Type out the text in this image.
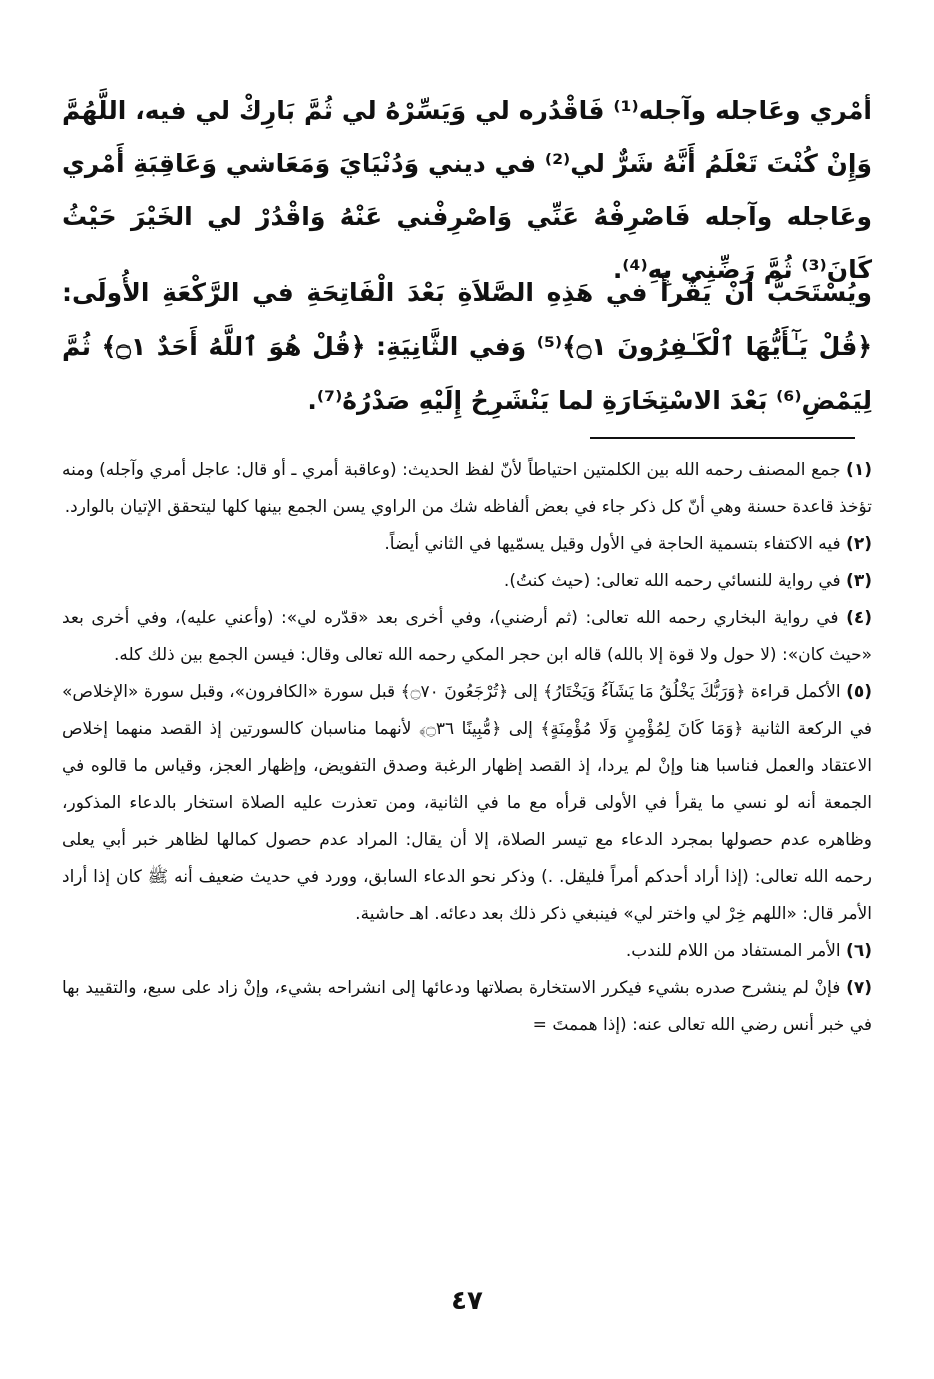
أمْري وعَاجله وآجله⁽¹⁾ فَاقْدُره لي وَيَسِّرْهُ لي ثُمَّ بَارِكْ لي فيه، اللَّهُمَّ وَإِنْ كُنْتَ تَعْلَمُ أَنَّهُ شَرٌّ لي⁽²⁾ في ديني وَدُنْيَايَ وَمَعَاشي وَعَاقِبَةِ أَمْري وعَاجله وآجله فَاصْرِفْهُ عَنِّي وَاصْرِفْني عَنْهُ وَاقْدُرْ لي الخَيْرَ حَيْثُ كَانَ⁽³⁾ ثُمَّ رَضِّنِي بِهِ⁽⁴⁾.

ويُسْتَحَبُّ أَنْ يَقْرأَ في هَذِهِ الصَّلاَةِ بَعْدَ الْفَاتِحَةِ في الرَّكْعَةِ الأُولَى: ﴿قُلْ يَـٰٓأَيُّهَا ٱلْكَـٰفِرُونَ ۝١﴾⁽⁵⁾ وَفي الثَّانِيَةِ: ﴿قُلْ هُوَ ٱللَّهُ أَحَدٌ ۝١﴾ ثُمَّ لِيَمْضِ⁽⁶⁾ بَعْدَ الاسْتِخَارَةِ لما يَنْشَرِحُ إِلَيْهِ صَدْرُهُ⁽⁷⁾.

(١) جمع المصنف رحمه الله بين الكلمتين احتياطاً لأنّ لفظ الحديث: (وعاقبة أمري ـ أو قال: عاجل أمري وآجله) ومنه تؤخذ قاعدة حسنة وهي أنّ كل ذكر جاء في بعض ألفاظه شك من الراوي يسن الجمع بينها كلها ليتحقق الإتيان بالوارد.

(٢) فيه الاكتفاء بتسمية الحاجة في الأول وقيل يسمّيها في الثاني أيضاً.

(٣) في رواية للنسائي رحمه الله تعالى: (حيث كنتُ).

(٤) في رواية البخاري رحمه الله تعالى: (ثم أرضني)، وفي أخرى بعد «قدّره لي»: (وأعني عليه)، وفي أخرى بعد «حيث كان»: (لا حول ولا قوة إلا بالله) قاله ابن حجر المكي رحمه الله تعالى وقال: فيسن الجمع بين ذلك كله.

(٥) الأكمل قراءة ﴿وَرَبُّكَ يَخْلُقُ مَا يَشَآءُ وَيَخْتَارُ﴾ إلى ﴿تُرْجَعُونَ ۝٧٠﴾ قبل سورة «الكافرون»، وقبل سورة «الإخلاص» في الركعة الثانية ﴿وَمَا كَانَ لِمُؤْمِنٍ وَلَا مُؤْمِنَةٍ﴾ إلى ﴿مُّبِينًا ۝٣٦﴾ لأنهما مناسبان كالسورتين إذ القصد منهما إخلاص الاعتقاد والعمل فناسبا هنا وإنْ لم يردا، إذ القصد إظهار الرغبة وصدق التفويض، وإظهار العجز، وقياس ما قالوه في الجمعة أنه لو نسي ما يقرأ في الأولى قرأه مع ما في الثانية، ومن تعذرت عليه الصلاة استخار بالدعاء المذكور، وظاهره عدم حصولها بمجرد الدعاء مع تيسر الصلاة، إلا أن يقال: المراد عدم حصول كمالها لظاهر خبر أبي يعلى رحمه الله تعالى: (إذا أراد أحدكم أمراً فليقل. .) وذكر نحو الدعاء السابق، وورد في حديث ضعيف أنه ﷺ كان إذا أراد الأمر قال: «اللهم خِرْ لي واختر لي» فينبغي ذكر ذلك بعد دعائه. اهـ حاشية.

(٦) الأمر المستفاد من اللام للندب.

(٧) فإنْ لم ينشرح صدره بشيء فيكرر الاستخارة بصلاتها ودعائها إلى انشراحه بشيء، وإنْ زاد على سبع، والتقييد بها في خبر أنس رضي الله تعالى عنه: (إذا هممتَ =

٤٧
